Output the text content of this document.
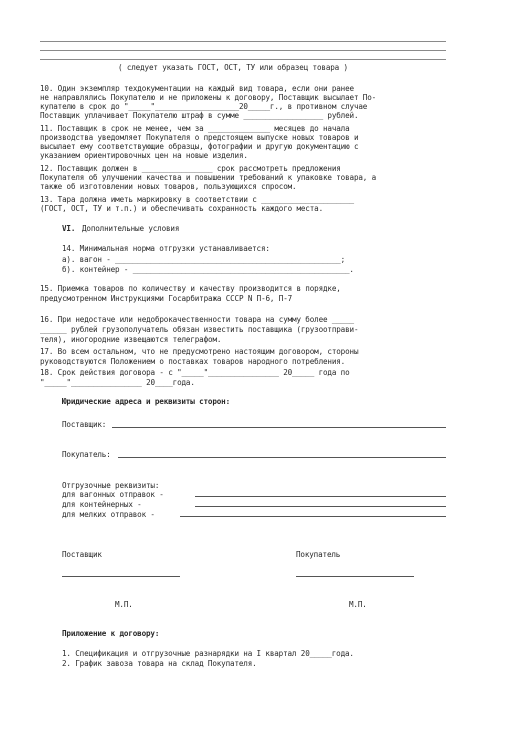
( следует указать ГОСТ, ОСТ, ТУ или образец товара )
10. Один экземпляр техдокументации на каждый вид товара, если они ранее
не направлялись Покупателю и не приложены к договору, Поставщик высылает По-
купателю в срок до "_____"___________________20_____г., в противном случае
Поставщик уплачивает Покупателю штраф в сумме __________________ рублей.
11. Поставщик в срок не менее, чем за ______________ месяцев до начала
производства уведомляет Покупателя о предстоящем выпуске новых товаров и
высылает ему соответствующие образцы, фотографии и другую документацию с
указанием ориентировочных цен на новые изделия.
12. Поставщик должен в ________________ срок рассмотреть предложения
Покупателя об улучшении качества и повышении требований к упаковке товара, а
также об изготовлении новых товаров, пользующихся спросом.
13. Тара должна иметь маркировку в соответствии с _____________________
(ГОСТ, ОСТ, ТУ и т.п.) и обеспечивать сохранность каждого места.
VI. Дополнительные условия
14. Минимальная норма отгрузки устанавливается:
а). вагон - ___________________________________________________;
б). контейнер - _________________________________________________.
15. Приемка товаров по количеству и качеству производится в порядке,
предусмотренном Инструкциями Госарбитража СССР N П-6, П-7
16. При недостаче или недоброкачественности товара на сумму более _____
______ рублей грузополучатель обязан известить поставщика (грузоотправи-
теля), иногородние извещаются телеграфом.
17. Во всем остальном, что не предусмотрено настоящим договором, стороны
руководствуются Положением о поставках товаров народного потребления.
18. Срок действия договора - с "_____"________________ 20_____ года по
"_____"________________ 20____года.
Юридические адреса и реквизиты сторон:
Поставщик:
Покупатель:
Отгрузочные реквизиты:
для вагонных отправок -
для контейнерных -
для мелких отправок -
Поставщик	Покупатель
М.П.	М.П.
Приложение к договору:
1. Спецификация и отгрузочные разнарядки на I квартал 20_____года.
2. График завоза товара на склад Покупателя.
